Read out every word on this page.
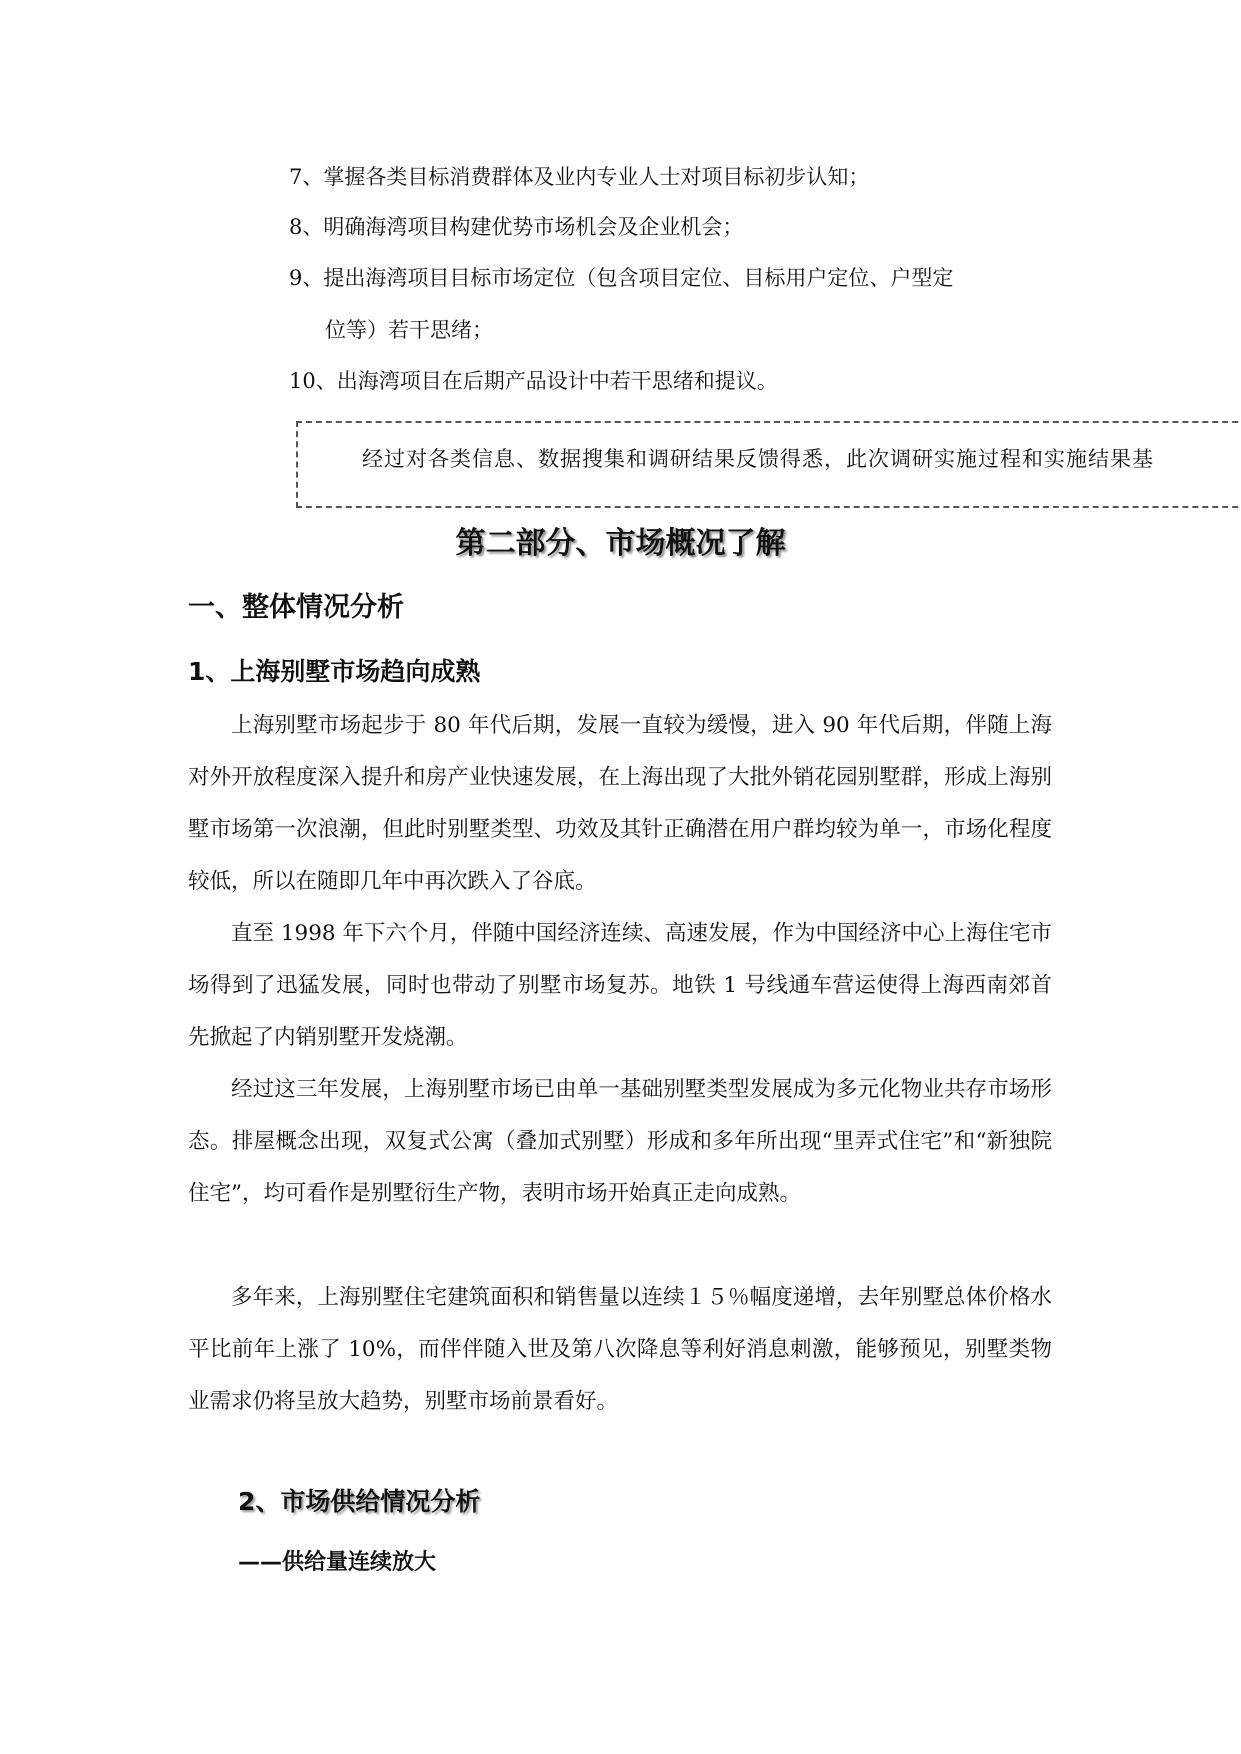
7、掌握各类目标消费群体及业内专业人士对项目标初步认知；
8、明确海湾项目构建优势市场机会及企业机会；
9、提出海湾项目目标市场定位（包含项目定位、目标用户定位、户型定
位等）若干思绪；
10、出海湾项目在后期产品设计中若干思绪和提议。
经过对各类信息、数据搜集和调研结果反馈得悉，此次调研实施过程和实施结果基
第二部分、市场概况了解
一、整体情况分析
1、上海别墅市场趋向成熟

上海别墅市场起步于 80 年代后期，发展一直较为缓慢，进入 90 年代后期，伴随上海对外开放程度深入提升和房产业快速发展，在上海出现了大批外销花园别墅群，形成上海别墅市场第一次浪潮，但此时别墅类型、功效及其针正确潜在用户群均较为单一，市场化程度较低，所以在随即几年中再次跌入了谷底。

直至 1998 年下六个月，伴随中国经济连续、高速发展，作为中国经济中心上海住宅市场得到了迅猛发展，同时也带动了别墅市场复苏。地铁 1 号线通车营运使得上海西南郊首先掀起了内销别墅开发烧潮。

经过这三年发展，上海别墅市场已由单一基础别墅类型发展成为多元化物业共存市场形态。排屋概念出现，双复式公寓（叠加式别墅）形成和多年所出现“里弄式住宅”和“新独院住宅”，均可看作是别墅衍生产物，表明市场开始真正走向成熟。

多年来，上海别墅住宅建筑面积和销售量以连续１５％幅度递增，去年别墅总体价格水平比前年上涨了 10%，而伴伴随入世及第八次降息等利好消息刺激，能够预见，别墅类物业需求仍将呈放大趋势，别墅市场前景看好。

2、市场供给情况分析
——供给量连续放大
